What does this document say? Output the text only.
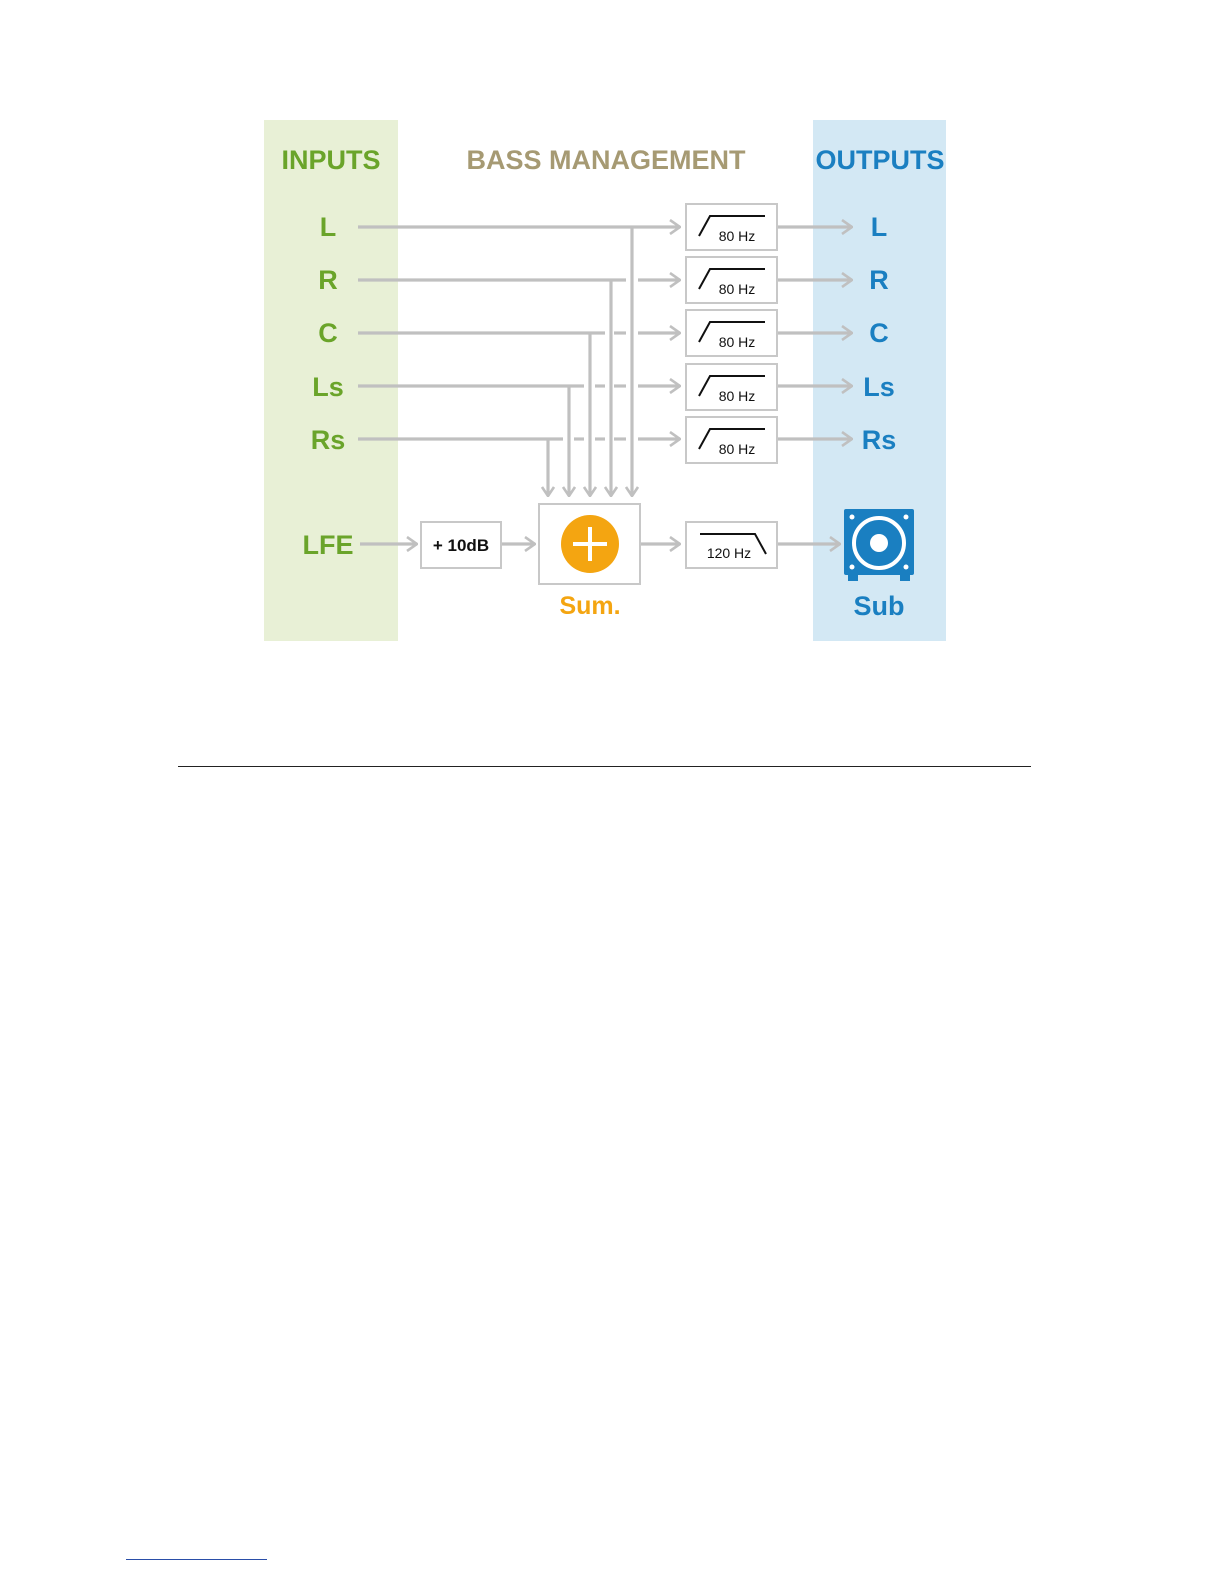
INPUTS	BASS MANAGEMENT	OUTPUTS
L
R
C
Ls
Rs
LFE
L
R
C
Ls
Rs
Sub
80 Hz
80 Hz
80 Hz
80 Hz
80 Hz
+ 10dB
Sum.
120 Hz
